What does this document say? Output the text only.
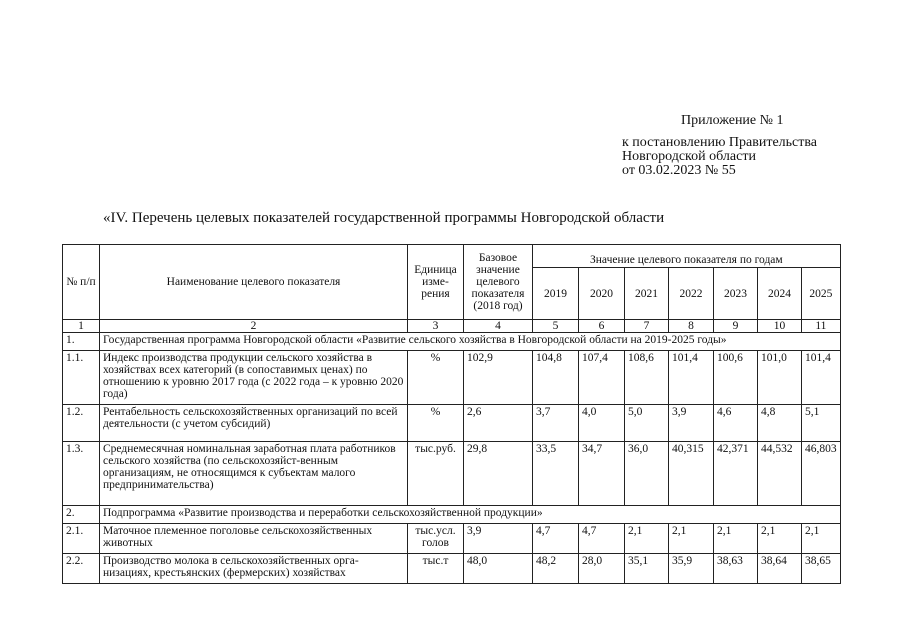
Приложение № 1
к постановлению Правительства
Новгородской области
от 03.02.2023 № 55
«IV. Перечень целевых показателей государственной программы Новгородской области
№ п/п	Наименование целевого показателя	Единица изме-рения	Базовое значение целевого показателя (2018 год)	Значение целевого показателя по годам						
				2019	2020	2021	2022	2023	2024	2025
1	2	3	4	5	6	7	8	9	10	11
1.	Государственная программа Новгородской области «Развитие сельского хозяйства в Новгородской области на 2019-2025 годы»									
1.1.	Индекс производства продукции сельского хозяйства в хозяйствах всех категорий (в сопоставимых ценах) по отношению к уровню 2017 года (с 2022 года – к уровню 2020 года)	%	102,9	104,8	107,4	108,6	101,4	100,6	101,0	101,4
1.2.	Рентабельность сельскохозяйственных организаций по всей деятельности (с учетом субсидий)	%	2,6	3,7	4,0	5,0	3,9	4,6	4,8	5,1
1.3.	Среднемесячная номинальная заработная плата работников сельского хозяйства (по сельскохозяйст-венным организациям, не относящимся к субъектам малого предпринимательства)	тыс.руб.	29,8	33,5	34,7	36,0	40,315	42,371	44,532	46,803
2.	Подпрограмма «Развитие производства и переработки сельскохозяйственной продукции»									
2.1.	Маточное племенное поголовье сельскохозяйственных животных	тыс.усл. голов	3,9	4,7	4,7	2,1	2,1	2,1	2,1	2,1
2.2.	Производство молока в сельскохозяйственных орга-низациях, крестьянских (фермерских) хозяйствах	тыс.т	48,0	48,2	28,0	35,1	35,9	38,63	38,64	38,65
